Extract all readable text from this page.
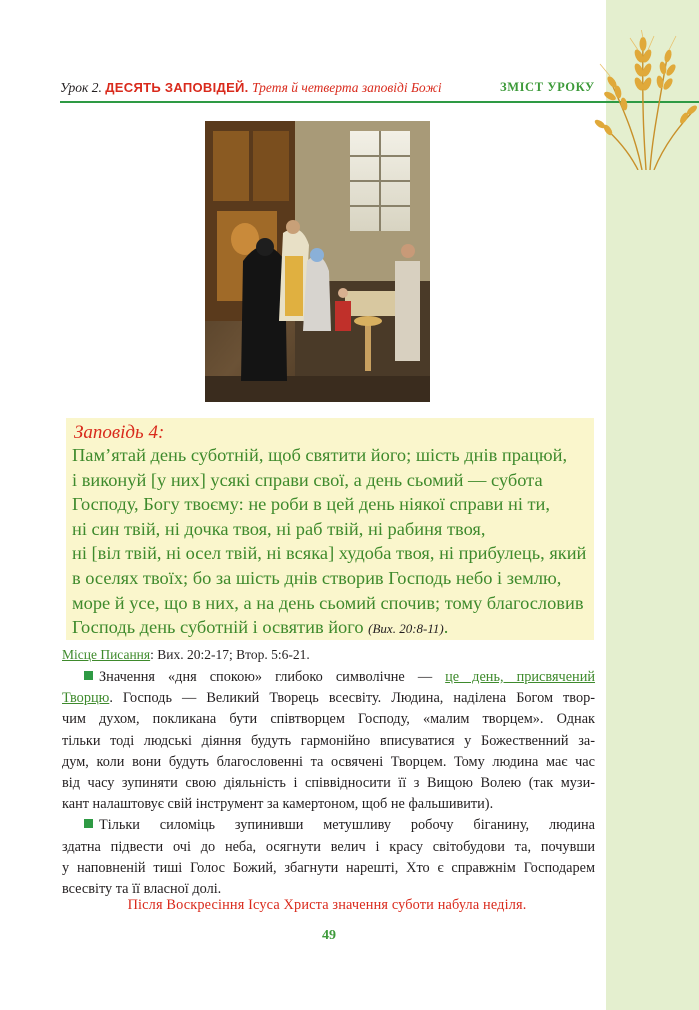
Урок 2. ДЕСЯТЬ ЗАПОВІДЕЙ. Третя й четверта заповіді Божі	ЗМІСТ УРОКУ
Заповідь 4:
Пам’ятай день суботній, щоб святити його; шість днів працюй,
і виконуй [у них] усякі справи свої, а день сьомий — субота
Господу, Богу твоєму: не роби в цей день ніякої справи ні ти,
ні син твій, ні дочка твоя, ні раб твій, ні рабиня твоя,
ні [віл твій, ні осел твій, ні всяка] худоба твоя, ні прибулець, який
в оселях твоїх; бо за шість днів створив Господь небо і землю,
море й усе, що в них, а на день сьомий спочив; тому благословив
Господь день суботній і освятив його (Вих. 20:8-11).
Місце Писання: Вих. 20:2-17; Втор. 5:6-21.
Значення «дня спокою» глибоко символічне — це день, присвячений
Творцю. Господь — Великий Творець всесвіту. Людина, наділена Богом твор-
чим духом, покликана бути співтворцем Господу, «малим творцем». Однак
тільки тоді людські діяння будуть гармонійно вписуватися у Божественний за-
дум, коли вони будуть благословенні та освячені Творцем. Тому людина має час
від часу зупиняти свою діяльність і співвідносити її з Вищою Волею (так музи-
кант налаштовує свій інструмент за камертоном, щоб не фальшивити).
Тільки силоміць зупинивши метушливу робочу біганину, людина
здатна підвести очі до неба, осягнути велич і красу світобудови та, почувши
у наповненій тиші Голос Божий, збагнути нарешті, Хто є справжнім Господарем
всесвіту та її власної долі.
Після Воскресіння Ісуса Христа значення суботи набула неділя.
49
